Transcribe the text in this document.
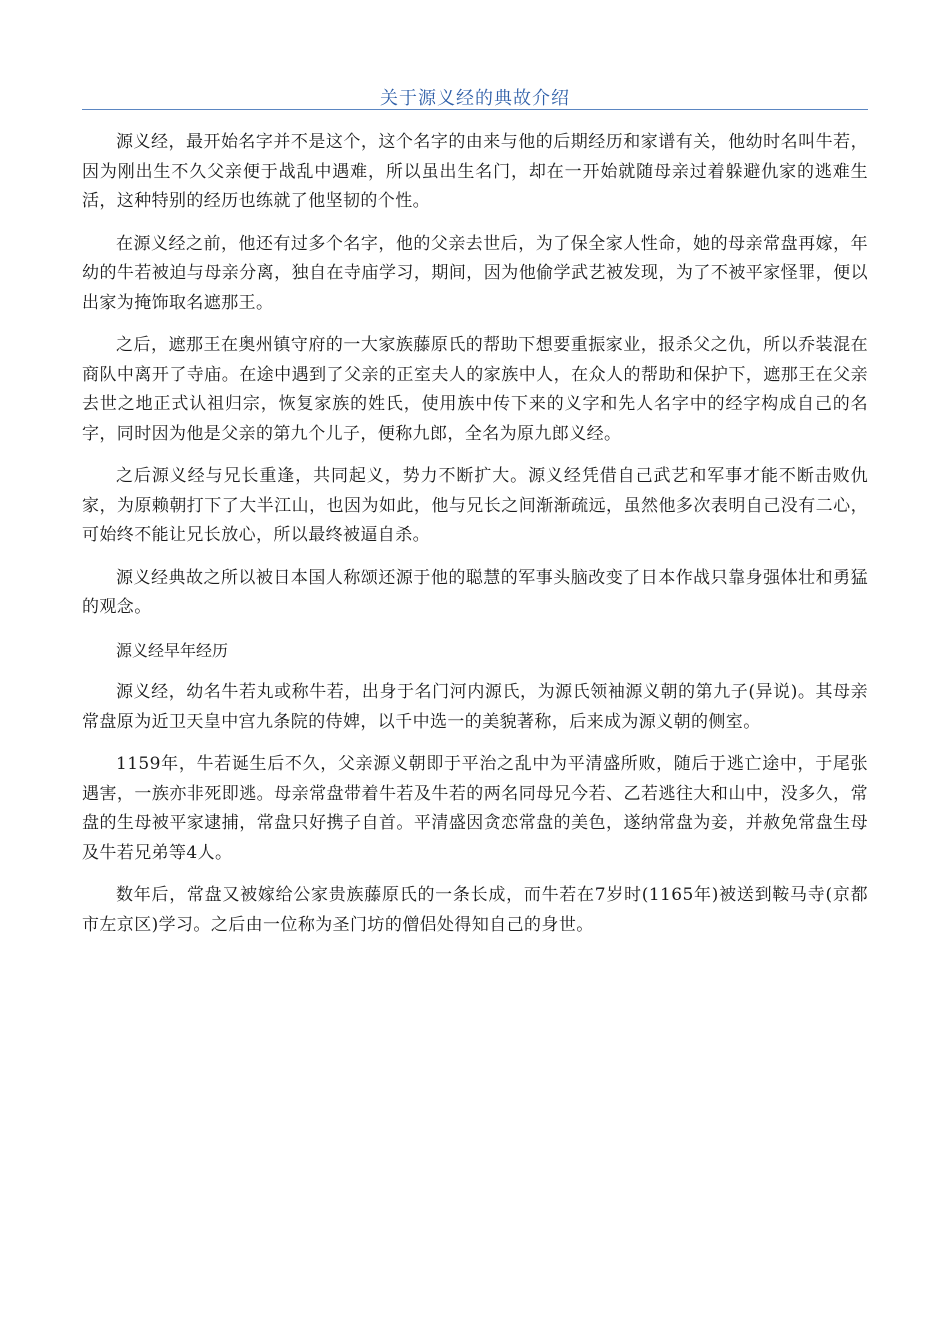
关于源义经的典故介绍

源义经，最开始名字并不是这个，这个名字的由来与他的后期经历和家谱有关，他幼时名叫牛若，因为刚出生不久父亲便于战乱中遇难，所以虽出生名门，却在一开始就随母亲过着躲避仇家的逃难生活，这种特别的经历也练就了他坚韧的个性。

在源义经之前，他还有过多个名字，他的父亲去世后，为了保全家人性命，她的母亲常盘再嫁，年幼的牛若被迫与母亲分离，独自在寺庙学习，期间，因为他偷学武艺被发现，为了不被平家怪罪，便以出家为掩饰取名遮那王。

之后，遮那王在奥州镇守府的一大家族藤原氏的帮助下想要重振家业，报杀父之仇，所以乔装混在商队中离开了寺庙。在途中遇到了父亲的正室夫人的家族中人，在众人的帮助和保护下，遮那王在父亲去世之地正式认祖归宗，恢复家族的姓氏，使用族中传下来的义字和先人名字中的经字构成自己的名字，同时因为他是父亲的第九个儿子，便称九郎，全名为原九郎义经。

之后源义经与兄长重逢，共同起义，势力不断扩大。源义经凭借自己武艺和军事才能不断击败仇家，为原赖朝打下了大半江山，也因为如此，他与兄长之间渐渐疏远，虽然他多次表明自己没有二心，可始终不能让兄长放心，所以最终被逼自杀。

源义经典故之所以被日本国人称颂还源于他的聪慧的军事头脑改变了日本作战只靠身强体壮和勇猛的观念。

源义经早年经历

源义经，幼名牛若丸或称牛若，出身于名门河内源氏，为源氏领袖源义朝的第九子(异说)。其母亲常盘原为近卫天皇中宫九条院的侍婢，以千中选一的美貌著称，后来成为源义朝的侧室。

1159年，牛若诞生后不久，父亲源义朝即于平治之乱中为平清盛所败，随后于逃亡途中，于尾张遇害，一族亦非死即逃。母亲常盘带着牛若及牛若的两名同母兄今若、乙若逃往大和山中，没多久，常盘的生母被平家逮捕，常盘只好携子自首。平清盛因贪恋常盘的美色，遂纳常盘为妾，并赦免常盘生母及牛若兄弟等4人。

数年后，常盘又被嫁给公家贵族藤原氏的一条长成，而牛若在7岁时(1165年)被送到鞍马寺(京都市左京区)学习。之后由一位称为圣门坊的僧侣处得知自己的身世。
